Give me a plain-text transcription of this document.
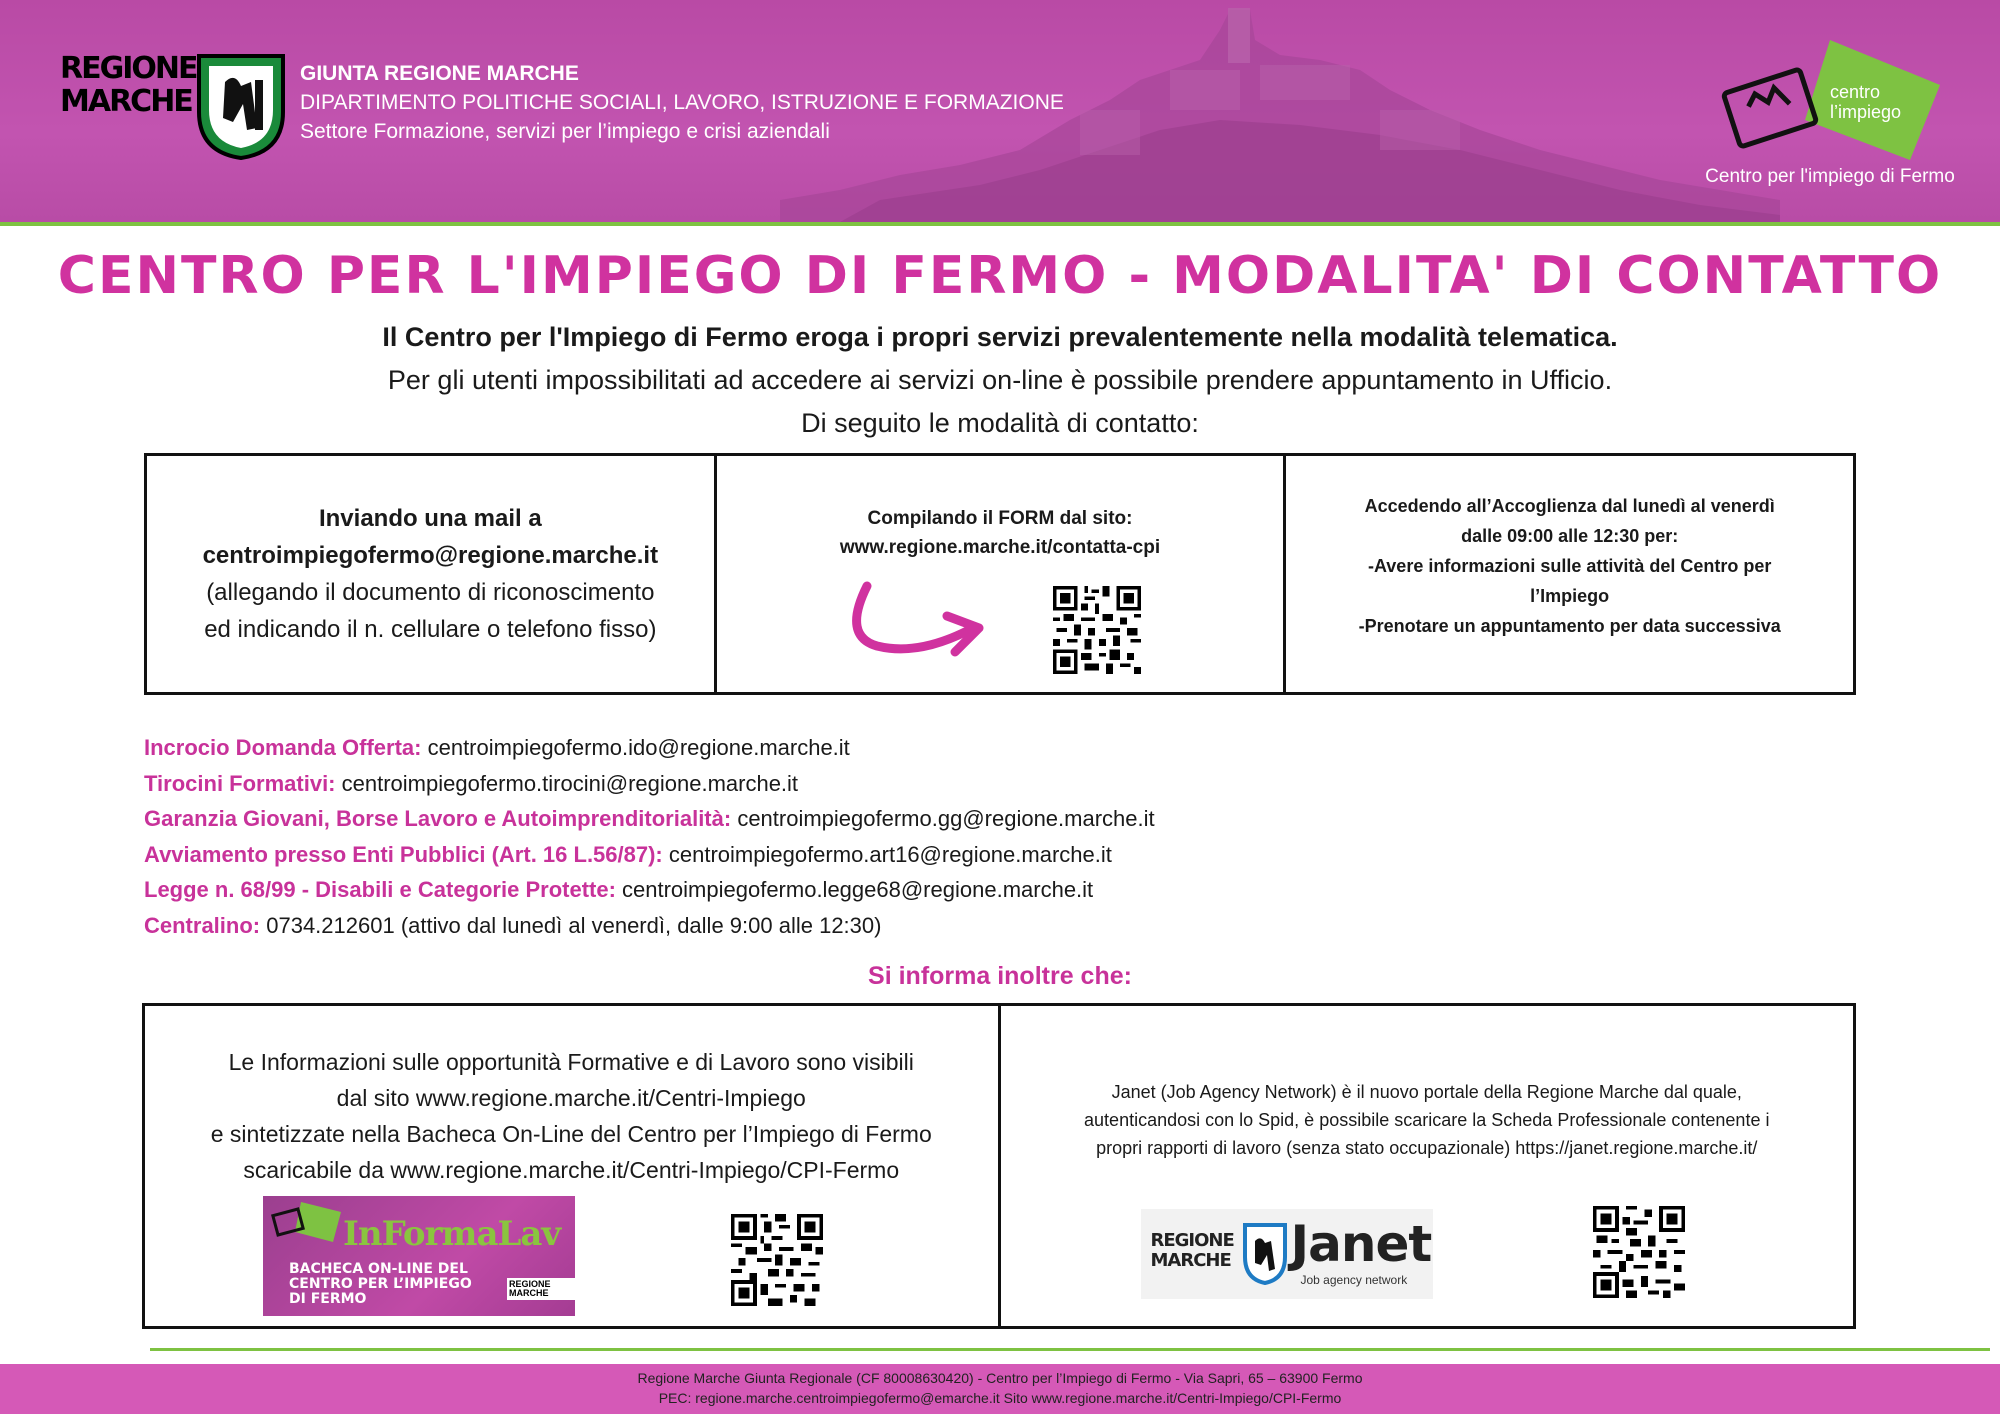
REGIONE
MARCHE
GIUNTA REGIONE MARCHE
DIPARTIMENTO POLITICHE SOCIALI, LAVORO, ISTRUZIONE E FORMAZIONE
Settore Formazione, servizi per l’impiego e crisi aziendali
centro
l’impiego
Centro per l'impiego di Fermo
CENTRO PER L'IMPIEGO DI FERMO - MODALITA' DI CONTATTO
Il Centro per l'Impiego di Fermo eroga i propri servizi prevalentemente nella modalità telematica.
Per gli utenti impossibilitati ad accedere ai servizi on-line è possibile prendere appuntamento in Ufficio.
Di seguito le modalità di contatto:
Inviando una mail a
centroimpiegofermo@regione.marche.it
(allegando il documento di riconoscimento
ed indicando il n. cellulare o telefono fisso)
Compilando il FORM dal sito:
www.regione.marche.it/contatta-cpi
Accedendo all’Accoglienza dal lunedì al venerdì
dalle 09:00 alle 12:30 per:
-Avere informazioni sulle attività del Centro per
l’Impiego
-Prenotare un appuntamento per data successiva
Incrocio Domanda Offerta: centroimpiegofermo.ido@regione.marche.it
Tirocini Formativi: centroimpiegofermo.tirocini@regione.marche.it
Garanzia Giovani, Borse Lavoro e Autoimprenditorialità: centroimpiegofermo.gg@regione.marche.it
Avviamento presso Enti Pubblici (Art. 16 L.56/87): centroimpiegofermo.art16@regione.marche.it
Legge n. 68/99 - Disabili e Categorie Protette: centroimpiegofermo.legge68@regione.marche.it
Centralino: 0734.212601 (attivo dal lunedì al venerdì, dalle 9:00 alle 12:30)
Si informa inoltre che:
Le Informazioni sulle opportunità Formative e di Lavoro sono visibili
dal sito www.regione.marche.it/Centri-Impiego
e sintetizzate nella Bacheca On-Line del Centro per l’Impiego di Fermo
scaricabile da www.regione.marche.it/Centri-Impiego/CPI-Fermo
InFormaLav
BACHECA ON-LINE DEL
CENTRO PER L’IMPIEGO
DI FERMO
REGIONE MARCHE
Janet (Job Agency Network) è il nuovo portale della Regione Marche dal quale,
autenticandosi con lo Spid, è possibile scaricare la Scheda Professionale contenente i
propri rapporti di lavoro (senza stato occupazionale) https://janet.regione.marche.it/
REGIONE
MARCHE Janet
Job agency network
Regione Marche Giunta Regionale (CF 80008630420) - Centro per l’Impiego di Fermo - Via Sapri, 65 – 63900 Fermo
PEC: regione.marche.centroimpiegofermo@emarche.it Sito www.regione.marche.it/Centri-Impiego/CPI-Fermo
